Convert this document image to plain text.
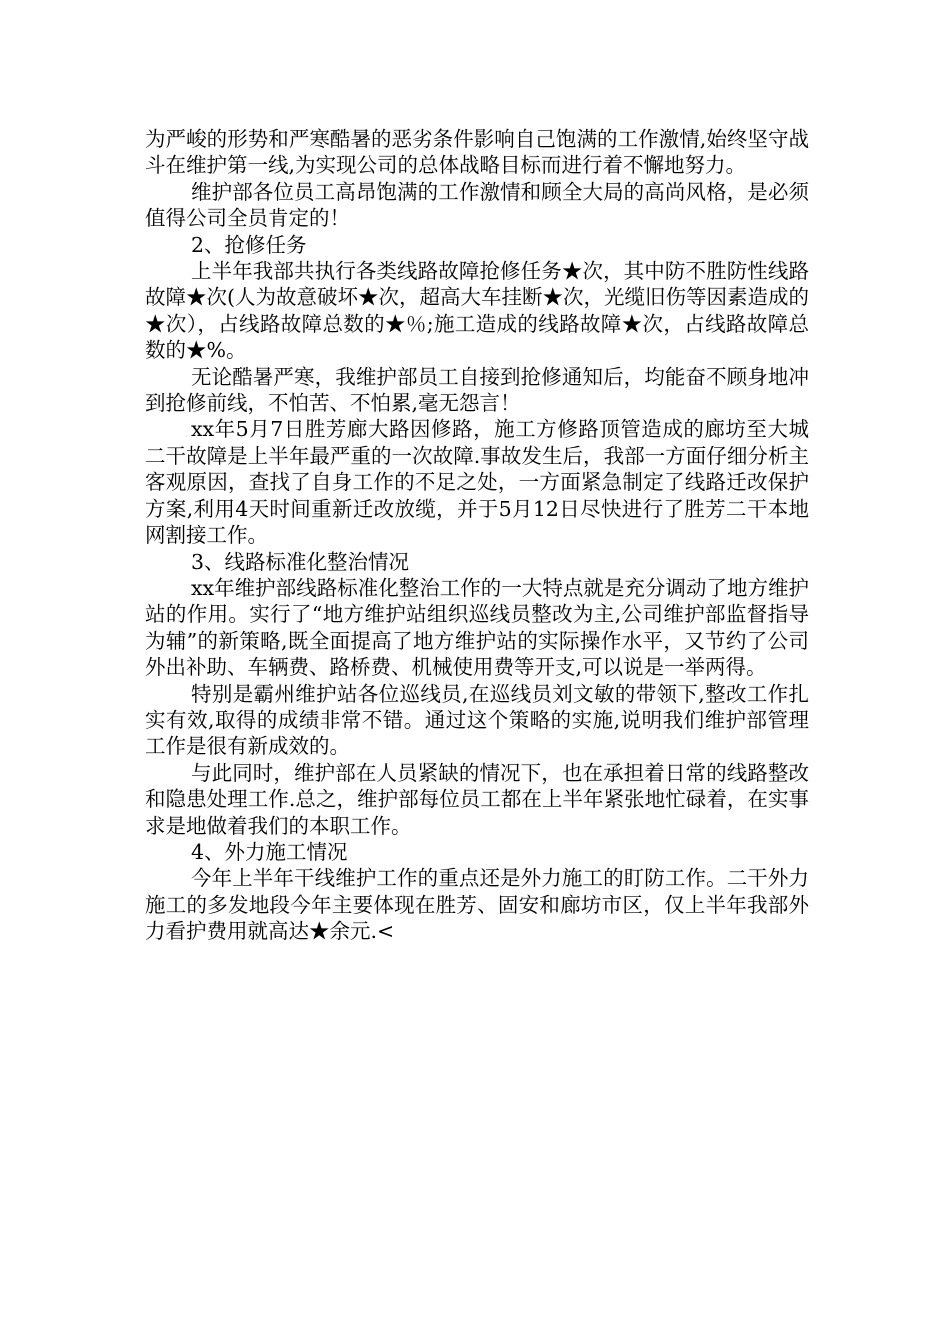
为严峻的形势和严寒酷暑的恶劣条件影响自己饱满的工作激情,始终坚守战斗在维护第一线,为实现公司的总体战略目标而进行着不懈地努力。

维护部各位员工高昂饱满的工作激情和顾全大局的高尚风格，是必须值得公司全员肯定的！

2、抢修任务

上半年我部共执行各类线路故障抢修任务★次，其中防不胜防性线路故障★次(人为故意破坏★次，超高大车挂断★次，光缆旧伤等因素造成的★次），占线路故障总数的★％;施工造成的线路故障★次，占线路故障总数的★%。

无论酷暑严寒，我维护部员工自接到抢修通知后，均能奋不顾身地冲到抢修前线，不怕苦、不怕累,毫无怨言！

xx年5月7日胜芳廊大路因修路，施工方修路顶管造成的廊坊至大城二干故障是上半年最严重的一次故障.事故发生后，我部一方面仔细分析主客观原因，查找了自身工作的不足之处，一方面紧急制定了线路迁改保护方案,利用4天时间重新迁改放缆，并于5月12日尽快进行了胜芳二干本地网割接工作。

3、线路标准化整治情况

xx年维护部线路标准化整治工作的一大特点就是充分调动了地方维护站的作用。实行了“地方维护站组织巡线员整改为主,公司维护部监督指导为辅”的新策略,既全面提高了地方维护站的实际操作水平，又节约了公司外出补助、车辆费、路桥费、机械使用费等开支,可以说是一举两得。

特别是霸州维护站各位巡线员,在巡线员刘文敏的带领下,整改工作扎实有效,取得的成绩非常不错。通过这个策略的实施,说明我们维护部管理工作是很有新成效的。

与此同时，维护部在人员紧缺的情况下，也在承担着日常的线路整改和隐患处理工作.总之，维护部每位员工都在上半年紧张地忙碌着，在实事求是地做着我们的本职工作。

4、外力施工情况

今年上半年干线维护工作的重点还是外力施工的盯防工作。二干外力施工的多发地段今年主要体现在胜芳、固安和廊坊市区，仅上半年我部外力看护费用就高达★余元.<
